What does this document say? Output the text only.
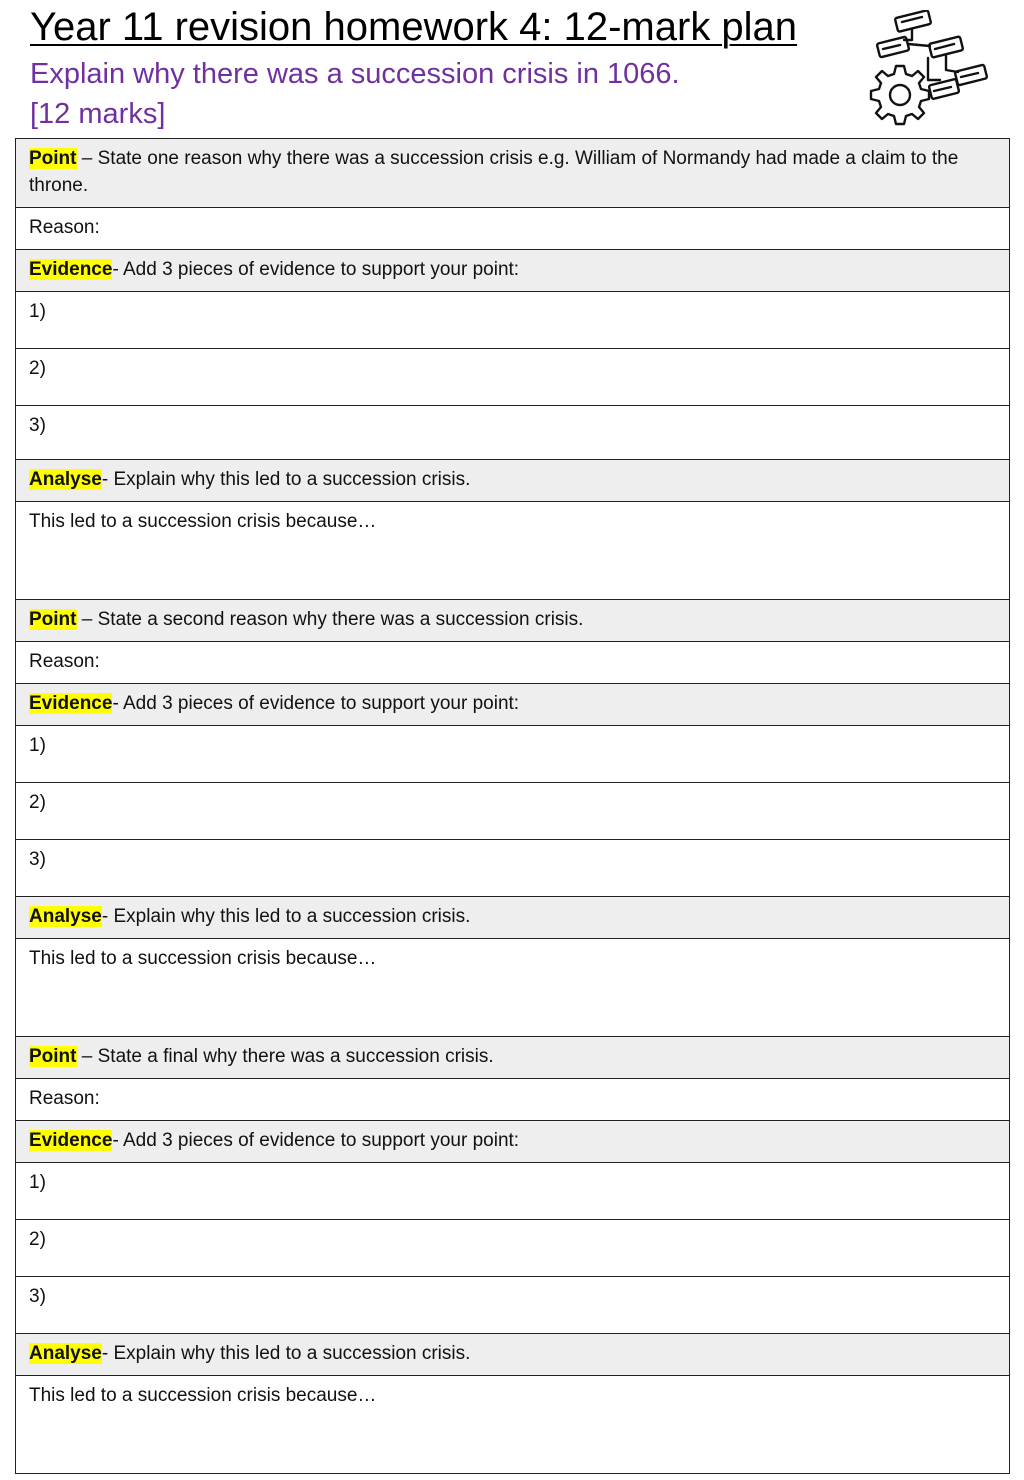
Year 11 revision homework 4: 12-mark plan
Explain why there was a succession crisis in 1066.
[12 marks]
Point – State one reason why there was a succession crisis e.g. William of Normandy had made a claim to the throne.
Reason:
Evidence- Add 3 pieces of evidence to support your point:
1)
2)
3)
Analyse- Explain why this led to a succession crisis.
This led to a succession crisis because…
Point – State a second reason why there was a succession crisis.
Reason:
Evidence- Add 3 pieces of evidence to support your point:
1)
2)
3)
Analyse- Explain why this led to a succession crisis.
This led to a succession crisis because…
Point – State a final why there was a succession crisis.
Reason:
Evidence- Add 3 pieces of evidence to support your point:
1)
2)
3)
Analyse- Explain why this led to a succession crisis.
This led to a succession crisis because…
